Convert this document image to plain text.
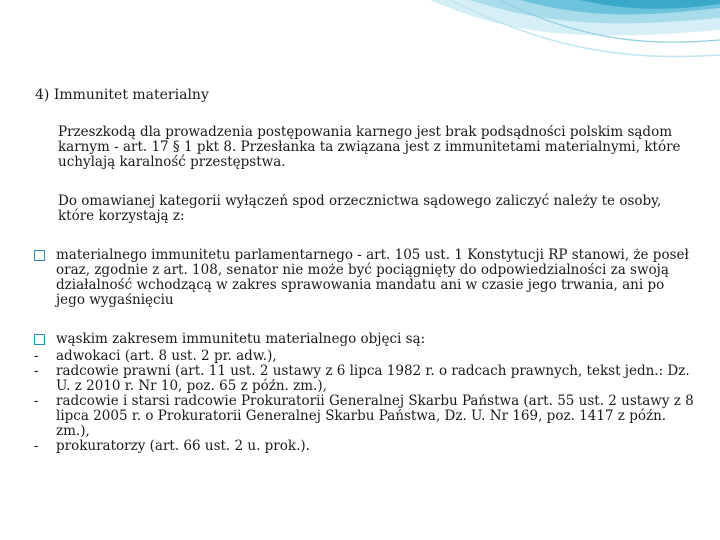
4) Immunitet materialny
Przeszkodą dla prowadzenia postępowania karnego jest brak podsądności polskim sądom karnym - art. 17 § 1 pkt 8. Przesłanka ta związana jest z immunitetami materialnymi, które uchylają karalność przestępstwa.
Do omawianej kategorii wyłączeń spod orzecznictwa sądowego zaliczyć należy te osoby, które korzystają z:
materialnego immunitetu parlamentarnego - art. 105 ust. 1 Konstytucji RP stanowi, że poseł oraz, zgodnie z art. 108, senator nie może być pociągnięty do odpowiedzialności za swoją działalność wchodzącą w zakres sprawowania mandatu ani w czasie jego trwania, ani po jego wygaśnięciu
wąskim zakresem immunitetu materialnego objęci są:
-	adwokaci (art. 8 ust. 2 pr. adw.),
-	radcowie prawni (art. 11 ust. 2 ustawy z 6 lipca 1982 r. o radcach prawnych, tekst jedn.: Dz. U. z 2010 r. Nr 10, poz. 65 z późn. zm.),
-	radcowie i starsi radcowie Prokuratorii Generalnej Skarbu Państwa (art. 55 ust. 2 ustawy z 8 lipca 2005 r. o Prokuratorii Generalnej Skarbu Państwa, Dz. U. Nr 169, poz. 1417 z późn. zm.),
-	prokuratorzy (art. 66 ust. 2 u. prok.).
